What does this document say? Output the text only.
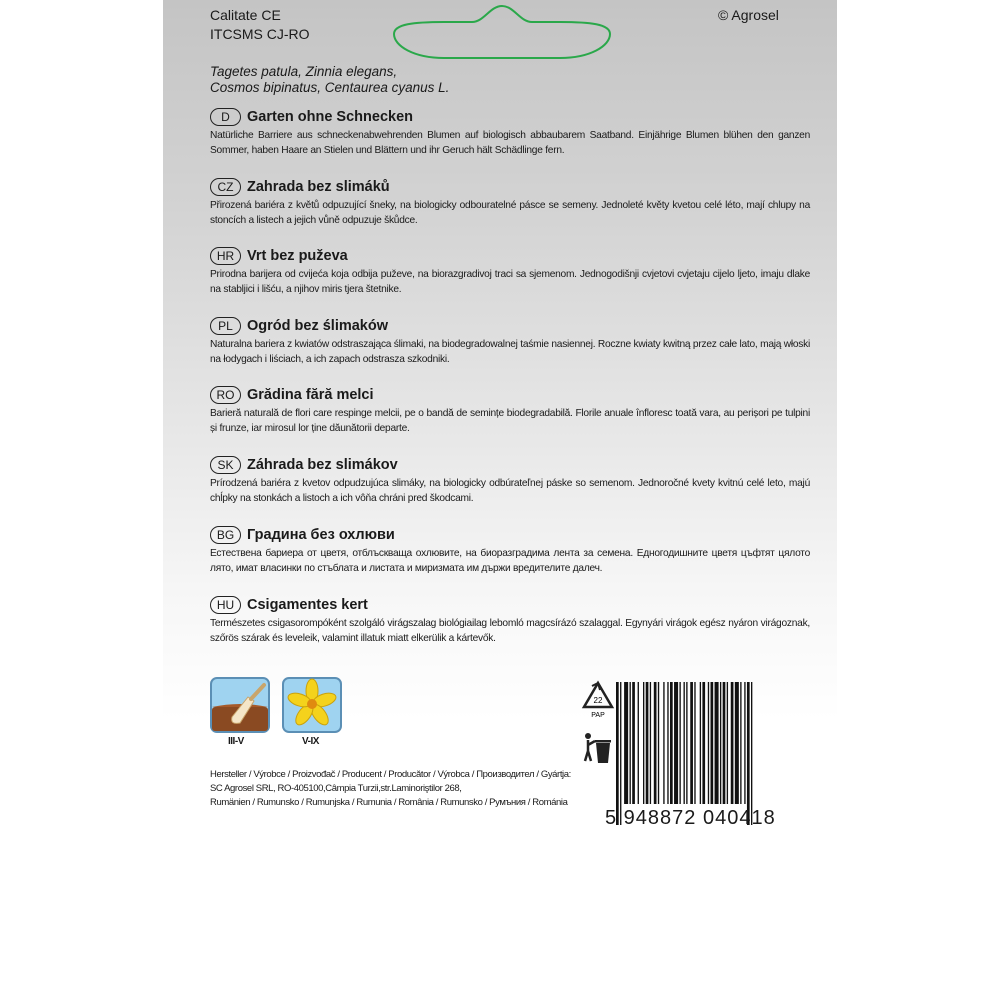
Calitate CE
ITCSMS CJ-RO
© Agrosel
Tagetes patula, Zinnia elegans,
Cosmos bipinatus, Centaurea cyanus L.
D	Garten ohne Schnecken
Natürliche Barriere aus schneckenabwehrenden Blumen auf biologisch abbaubarem Saatband. Einjährige Blumen blühen den ganzen Sommer, haben Haare an Stielen und Blättern und ihr Geruch hält Schädlinge fern.
CZ Zahrada bez slimáků
Přirozená bariéra z květů odpuzující šneky, na biologicky odbouratelné pásce se semeny. Jednoleté květy kvetou celé léto, mají chlupy na stoncích a listech a jejich vůně odpuzuje škůdce.
HR Vrt bez puževa
Prirodna barijera od cvijeća koja odbija puževe, na biorazgradivoj traci sa sjemenom. Jednogodišnji cvjetovi cvjetaju cijelo ljeto, imaju dlake na stabljici i lišću, a njihov miris tjera štetnike.
PL Ogród bez ślimaków
Naturalna bariera z kwiatów odstraszająca ślimaki, na biodegradowalnej taśmie nasiennej. Roczne kwiaty kwitną przez całe lato, mają włoski na łodygach i liściach, a ich zapach odstrasza szkodniki.
RO Grădina fără melci
Barieră naturală de flori care respinge melcii, pe o bandă de semințe biodegradabilă. Florile anuale înfloresc toată vara, au perișori pe tulpini și frunze, iar mirosul lor ține dăunătorii departe.
SK Záhrada bez slimákov
Prírodzená bariéra z kvetov odpudzujúca slimáky, na biologicky odbúrateľnej páske so semenom. Jednoročné kvety kvitnú celé leto, majú chĺpky na stonkách a listoch a ich vôňa chráni pred škodcami.
BG Градина без охлюви
Естествена бариера от цветя, отблъскваща охлювите, на биоразградима лента за семена. Едногодишните цветя цъфтят цялото лято, имат власинки по стъблата и листата и миризмата им държи вредителите далеч.
HU Csigamentes kert
Természetes csigasorompóként szolgáló virágszalag biológiailag lebomló magcsírázó szalaggal. Egynyári virágok egész nyáron virágoznak, szőrös szárak és leveleik, valamint illatuk miatt elkerülik a kártevők.
III-V	V-IX
Hersteller / Výrobce / Proizvođač / Producent / Producător / Výrobca / Производител / Gyártja:
SC Agrosel SRL, RO-405100,Câmpia Turzii,str.Laminoriştilor 268,
Rumänien / Rumunsko / Rumunjska / Rumunia / România / Rumunsko / Румъния / Románia
22
PAP
5 948872 040418
